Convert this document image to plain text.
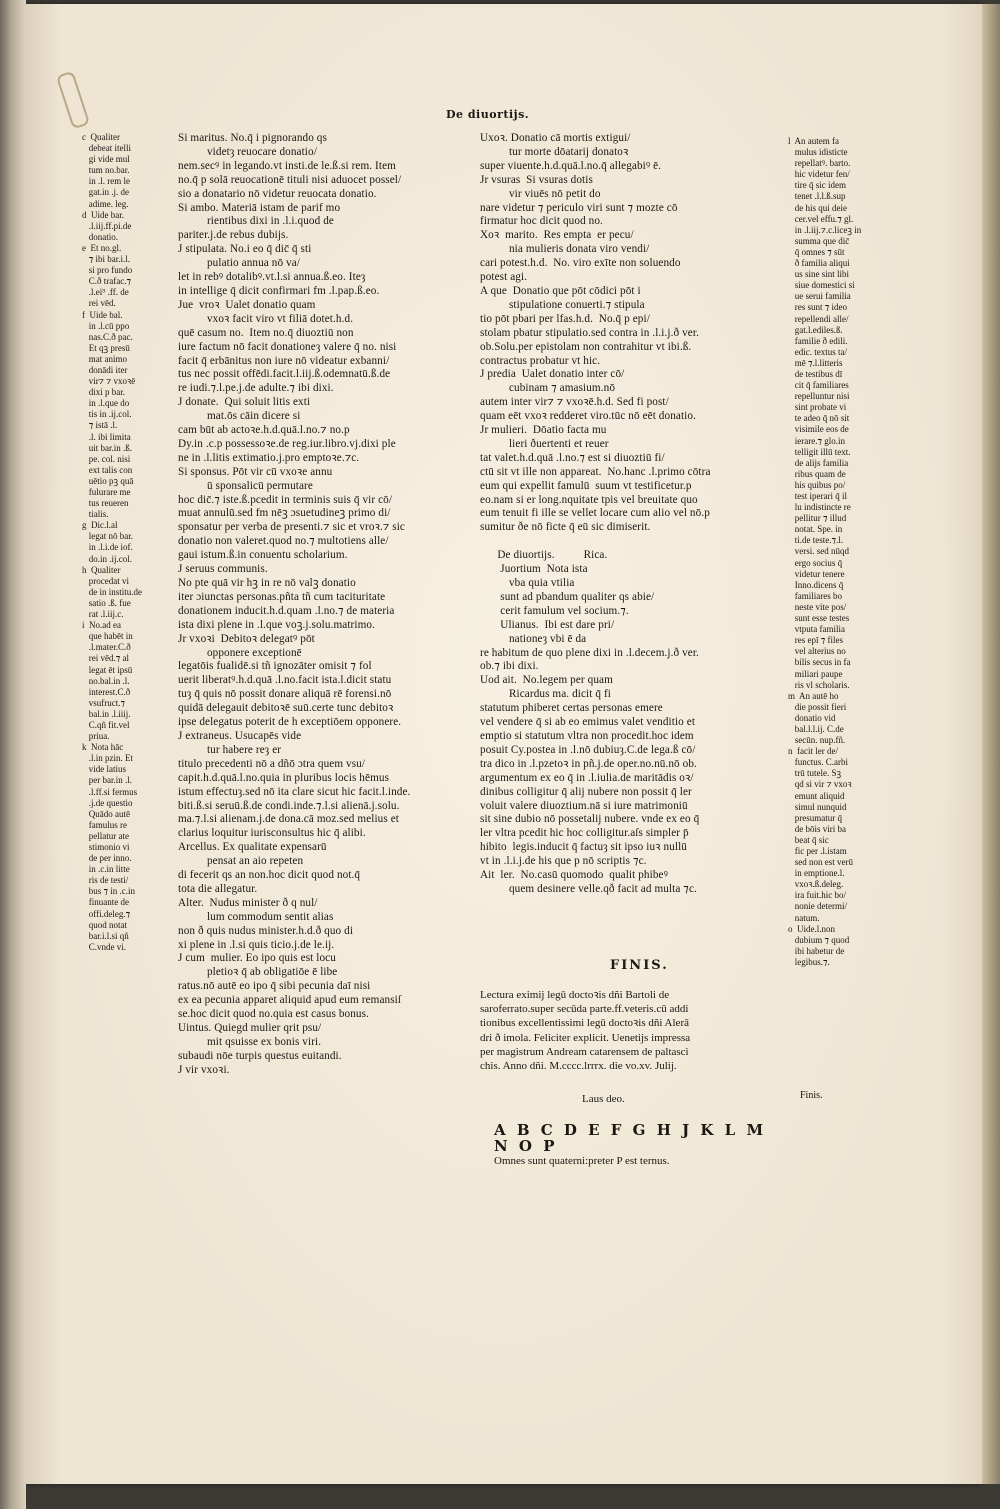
De diuortijs.
c  Qualiter
debeat itelli
gi vide mul
tum no.bar.
in .l. rem le
gat.in .j. de
adime. leg.
d  Uide bar.
.l.iij.ff.pi.de
donatio.
e  Et no.gl.
⁊ ibi bar.i.l.
si pro fundo
C.ð trafac.⁊
.l.ei⁹ .ff. de
rei vēd.
f  Uide bal.
in .l.cū ppo
nas.C.ð pac.
Et qꝫ presū
mat animo
donādi iter
vir⁊ ⁊ vxoꝛē
dixi p bar.
in .l.que do
tis in .ij.col.
⁊ istā .l.
.l. ibi limita
uit bar.in .ß.
pe. col. nisi
ext talis con
uētio pꝫ quā
fulurare me
tus reueren
tialis.
g  Dic.l.al
legat nō bar.
in .l.i.de iof.
do.in .ij.col.
h  Qualiter
procedat vi
de in institu.de
satio .ß. fue
rat .l.iij.c.
i  No.ad ea
que habēt in
.l.mater.C.ð
rei vēd.⁊ al
legat ēt ipsū
no.bal.in .l.
interest.C.ð
vsufruct.⁊
bal.in .l.iiij.
C.qñ fit.vel
priua.
k  Nota hāc
.l.in pzin. Et
vide latius
per bar.in .l.
.l.ff.si fermus
.j.de questio
Quādo autē
famulus re
pellatur ate
stimonio vi
de per inno.
in .c.in litte
ris de testi/
bus ⁊ in .c.in
finuante de
offi.deleg.⁊
quod notat
bar.i.l.si qñ
C.vnde vi.
Si maritus. No.q̄ i pignorando qs
videtȝ reuocare donatio/
nem.secꝰ in legando.vt insti.de le.ß.si rem. Item
no.q̄ p solā reuocationē tituli nisi aduocet possel/
sio a donatario nō videtur reuocata donatio.
Si ambo. Materiā istam de parif mo
rientibus dixi in .l.i.quod de
pariter.j.de rebus dubijs.
J stipulata. No.i eo q̄ dic̄ q̄ sti
pulatio annua nō va/
let in rebꝰ dotalibꝰ.vt.l.si annua.ß.eo. Iteȝ
in intellige q̄ dicit confirmari fm .l.pap.ß.eo.
Jue  vroꝛ  Ualet donatio quam
vxoꝛ facit viro vt filiā dotet.h.d.
quē casum no.  Item no.q̄ diuoztiū non
iure factum nō facit donationeȝ valere q̄ no. nisi
facit q̄ erbānitus non iure nō videatur exbanni/
tus nec possit offēdi.facit.l.iij.ß.odemnatū.ß.de
re iudi.⁊.l.pe.j.de adulte.⁊ ibi dixi.
J donate.  Qui soluit litis exti
mat.ōs cāin dicere si
cam būt ab actoꝛe.h.d.quā.l.no.⁊ no.p
Dy.in .c.p possessoꝛe.de reg.iur.libro.vj.dixi ple
ne in .l.litis extimatio.j.pro emptoꝛe.⁊c.
Si sponsus. Pōt vir cū vxoꝛe annu
ū sponsalicū permutare
hoc dic̄.⁊ iste.ß.pcedit in terminis suis q̄ vir cō/
muat annulū.sed fm nēꝫ ɔsuetudineꝫ primo di/
sponsatur per verba de presenti.⁊ sic et vroꝛ.⁊ sic
donatio non valeret.quod no.⁊ multotiens alle/
gaui istum.ß.in conuentu scholarium.
J seruus communis.
No pte quā vir hꝫ in re nō valꝫ donatio
iter ɔiunctas personas.pñta tñ cum tacituritate
donationem inducit.h.d.quam .l.no.⁊ de materia
ista dixi plene in .l.que voꝫ.j.solu.matrimo.
Jr vxoꝛi  Debitoꝛ delegatꝰ pōt
opponere exceptionē
legatōis fualidē.si tñ ignozāter omisit ⁊ fol
uerit liberatꝰ.h.d.quā .l.no.facit ista.l.dicit statu
tuȝ q̄ quis nō possit donare aliquā rē forensi.nō
quidā delegauit debitoꝛē suū.certe tunc debitoꝛ
ipse delegatus poterit de h exceptiōem opponere.
J extraneus. Usucapēs vide
tur habere reȝ er
titulo precedenti nō a dñō ɔtra quem vsu/
capit.h.d.quā.l.no.quia in pluribus locis hēmus
istum effectuȝ.sed nō ita clare sicut hic facit.l.inde.
biti.ß.si seruū.ß.de condi.inde.⁊.l.si alienā.j.solu.
ma.⁊.l.si alienam.j.de dona.cā moz.sed melius et
clarius loquitur iurisconsultus hic q̄ alibi.
Arcellus. Ex qualitate expensarū
pensat an aio repeten
di fecerit qs an non.hoc dicit quod not.q̄
tota die allegatur.
Alter.  Nudus minister ð q nul/
lum commodum sentit alias
non ð quis nudus minister.h.d.ð quo di
xi plene in .l.si quis ticio.j.de le.ij.
J cum  mulier. Eo ipo quis est locu
pletioꝛ q̄ ab obligatiōe ē libe
ratus.nō autē eo ipo q̄ sibi pecunia daī nisi
ex ea pecunia apparet aliquid apud eum remansiſ
se.hoc dicit quod no.quia est casus bonus.
Uintus. Quiegd mulier qrit psu/
mit qsuisse ex bonis viri.
subaudi nōe turpis questus euitandi.
J vir vxoꝛi.
Uxoꝛ. Donatio cā mortis extigui/
tur morte dōatarij donatoꝛ
super viuente.h.d.quā.l.no.q̄ allegabiꝰ ē.
Jr vsuras  Si vsuras dotis
vir viuēs nō petit do
nare videtur ⁊ periculo viri sunt ⁊ mozte cō
firmatur hoc dicit quod no.
Xoꝛ  marito.  Res empta  er pecu/
nia mulieris donata viro vendi/
cari potest.h.d.  No. viro exīte non soluendo
potest agi.
A que  Donatio que pōt cōdici pōt i
stipulatione conuerti.⁊ stipula
tio pōt pbari per lfas.h.d.  No.q̄ p epi/
stolam pbatur stipulatio.sed contra in .l.i.j.ð ver.
ob.Solu.per epistolam non contrahitur vt ibi.ß.
contractus probatur vt hic.
J predia  Ualet donatio inter cō/
cubinam ⁊ amasium.nō
autem inter vir⁊ ⁊ vxoꝛē.h.d. Sed fi post/
quam eēt vxoꝛ redderet viro.tūc nō eēt donatio.
Jr mulieri.  Dōatio facta mu
lieri ðuertenti et reuer
tat valet.h.d.quā .l.no.⁊ est si diuoztiū fi/
ctū sit vt ille non appareat.  No.hanc .l.primo cōtra
eum qui expellit famulū  suum vt testificetur.p
eo.nam si er long.nquitate tpis vel breuitate quo
eum tenuit fi ille se vellet locare cum alio vel nō.p
sumitur ðe nō ficte q̄ eū sic dimiserit.

De diuortijs.          Rica.
Juortium  Nota ista
vba quia vtilia
sunt ad pbandum qualiter qs abie/
cerit famulum vel socium.⁊.
Ulianus.  Ibi est dare pri/
nationeȝ vbi ē da
re habitum de quo plene dixi in .l.decem.j.ð ver.
ob.⁊ ibi dixi.
Uod ait.  No.legem per quam
Ricardus ma. dicit q̄ fi
statutum phiberet certas personas emere
vel vendere q̄ si ab eo emimus valet venditio et
emptio si statutum vltra non procedit.hoc idem
posuit Cy.postea in .l.nō dubiuȝ.C.de lega.ß cō/
tra dico in .l.pzetoꝛ in pñ.j.de oper.no.nū.nō ob.
argumentum ex eo q̄ in .l.iulia.de maritādis oꝛ/
dinibus colligitur q̄ alij nubere non possit q̄ ler
voluit valere diuoztium.nā si iure matrimoniū
sit sine dubio nō possetalij nubere. vnde ex eo q̄
ler vltra pcedit hic hoc colligitur.aſs simpler p̄
hibito  legis.inducit q̄ factuȝ sit ipso iuꝛ nullū
vt in .l.i.j.de his que p nō scriptis ⁊c.
Ait  ler.  No.casū quomodo  qualit phibeꝰ
quem desinere velle.qð facit ad multa ⁊c.
FINIS.
Lectura eximij legū doctoꝛis dñi Bartoli de
saroferrato.super secūda parte.ff.veteris.cū addi
tionibus excellentissimi legū doctoꝛis dñi Alerā
dri ð imola. Feliciter explicit. Uenetijs impressa
per magistrum Andream catarensem de paltasci
chis. Anno dñi. M.cccc.lrrrx. die vo.xv. Julij.
Laus deo.
A B C D E F G H J K L M
N O P
Omnes sunt quaterni:preter P est ternus.
l  An autem fa
mulus idisticte
repellatꝰ. barto.
hic videtur fen/
tire q̄ sic idem
tenet .l.l.ß.sup
de his qui deie
cer.vel effu.⁊ gl.
in .l.iij.⁊.c.liceꝫ in
summa que dic̄
q̄ omnes ⁊ sūt
ð familia aliqui
us sine sint libi
siue domestici si
ue serui familia
res sunt ⁊ ideo
repellendi alle/
gat.l.ediles.ß.
familie ð edili.
edic. textus ta/
mē ⁊.l.litteris
de testibus dī
cit q̄ familiares
repelluntur nisi
sint probate vi
te adeo q̄ nō sit
visimile eos de
ierare.⁊ glo.in
telligit illū text.
de alijs familia
ribus quam de
his quibus po/
test iperari q̄ il
lu indistincte re
pellitur ⁊ illud
notat. Spe. in
ti.de teste.⁊.l.
versi. sed nūqd
ergo socius q̄
videtur tenere
Inno.dicens q̄
familiares bo
neste vite pos/
sunt esse testes
vtputa familia
res epī ⁊ files
vel alterius no
bilis secus in fa
miliari paupe
ris vl scholaris.
m  An autē ho
die possit fieri
donatio vid
bal.l.l.ij. C.de
secūn. nup.fñ.
n  facit ler de/
functus. C.arbi
trū tutele. Sꝫ
qd si vir ⁊ vxoꝛ
emunt aliquid
simul nunquid
presumatur q̄
de bōis viri ba
beat q̄ sic
fic per .l.istam
sed non est verū
in emptione.l.
vxoꝛ.ß.deleg.
ira fuit.hic bo/
nonie determi/
natum.
o  Uide.l.non
dubium ⁊ quod
ibi habetur de
legibus.⁊.
Finis.
